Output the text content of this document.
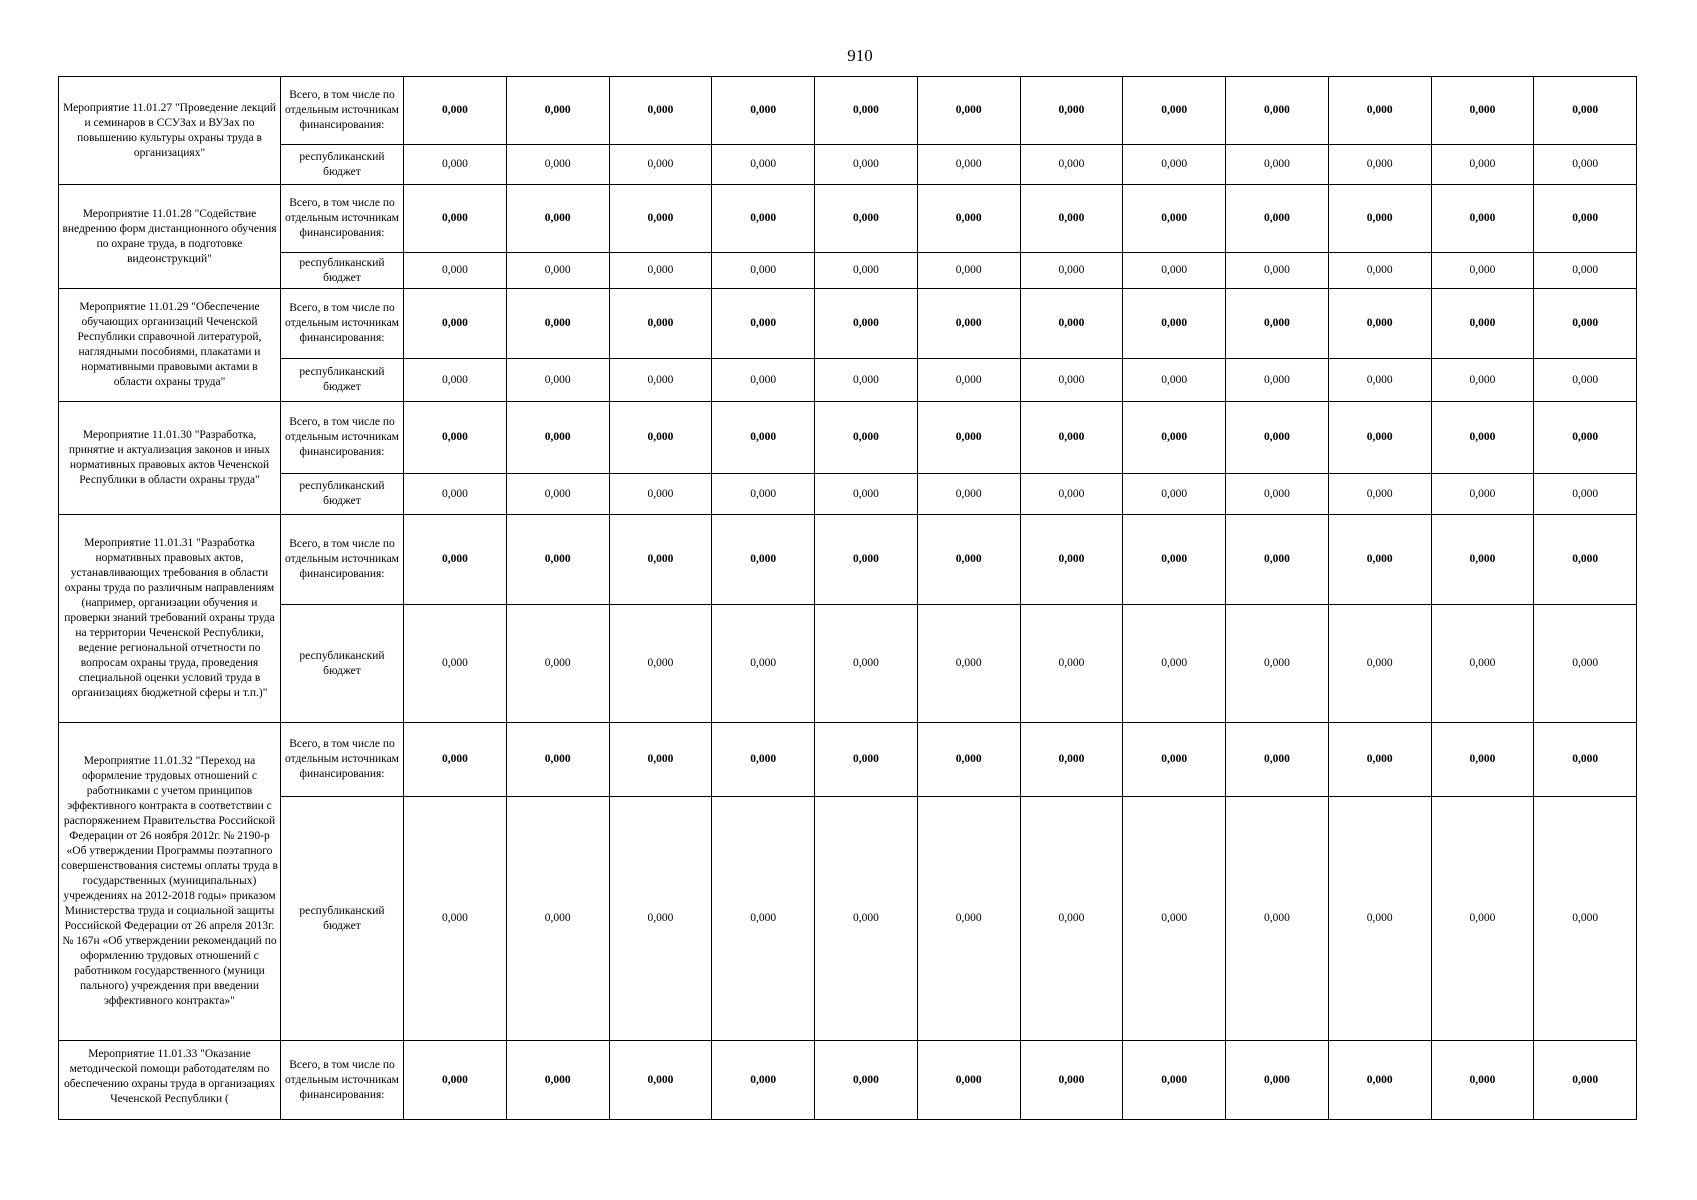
910
Мероприятие 11.01.27 "Проведение лекций и семинаров в ССУЗах и ВУЗах по повышению культуры охраны труда в организациях"	Всего, в том числе по отдельным источникам финансирования:	0,000	0,000	0,000	0,000	0,000	0,000	0,000	0,000	0,000	0,000	0,000	0,000
	республиканский бюджет	0,000	0,000	0,000	0,000	0,000	0,000	0,000	0,000	0,000	0,000	0,000	0,000
Мероприятие 11.01.28 "Содействие внедрению форм дистанционного обучения по охране труда, в подготовке видеонструкций"	Всего, в том числе по отдельным источникам финансирования:	0,000	0,000	0,000	0,000	0,000	0,000	0,000	0,000	0,000	0,000	0,000	0,000
	республиканский бюджет	0,000	0,000	0,000	0,000	0,000	0,000	0,000	0,000	0,000	0,000	0,000	0,000
Мероприятие 11.01.29 "Обеспечение обучающих организаций Чеченской Республики справочной литературой, наглядными пособиями, плакатами и нормативными правовыми актами в области охраны труда"	Всего, в том числе по отдельным источникам финансирования:	0,000	0,000	0,000	0,000	0,000	0,000	0,000	0,000	0,000	0,000	0,000	0,000
	республиканский бюджет	0,000	0,000	0,000	0,000	0,000	0,000	0,000	0,000	0,000	0,000	0,000	0,000
Мероприятие 11.01.30 "Разработка, принятие и актуализация законов и иных нормативных правовых актов Чеченской Республики в области охраны труда"	Всего, в том числе по отдельным источникам финансирования:	0,000	0,000	0,000	0,000	0,000	0,000	0,000	0,000	0,000	0,000	0,000	0,000
	республиканский бюджет	0,000	0,000	0,000	0,000	0,000	0,000	0,000	0,000	0,000	0,000	0,000	0,000
Мероприятие 11.01.31 "Разработка нормативных правовых актов, устанавливающих требования в области охраны труда по различным направлениям (например, организации обучения и проверки знаний требований охраны труда на территории Чеченской Республики, ведение региональной отчетности по вопросам охраны труда, проведения специальной оценки условий труда в организациях бюджетной сферы и т.п.)"	Всего, в том числе по отдельным источникам финансирования:	0,000	0,000	0,000	0,000	0,000	0,000	0,000	0,000	0,000	0,000	0,000	0,000
	республиканский бюджет	0,000	0,000	0,000	0,000	0,000	0,000	0,000	0,000	0,000	0,000	0,000	0,000
Мероприятие 11.01.32 "Переход на оформление трудовых отношений с работниками с учетом принципов эффективного контракта в соответствии с распоряжением Правительства Российской Федерации от 26 ноября 2012г. № 2190-р «Об утверждении Программы поэтапного совершенствования системы оплаты труда в государственных (муниципальных) учреждениях на 2012-2018 годы» приказом Министерства труда и социальной защиты Российской Федерации от 26 апреля 2013г. № 167н «Об утверждении рекомендаций по оформлению трудовых отношений с работником государственного (муници пального) учреждения при введении эффективного контракта»"	Всего, в том числе по отдельным источникам финансирования:	0,000	0,000	0,000	0,000	0,000	0,000	0,000	0,000	0,000	0,000	0,000	0,000
	республиканский бюджет	0,000	0,000	0,000	0,000	0,000	0,000	0,000	0,000	0,000	0,000	0,000	0,000

Мероприятие 11.01.33 "Оказание методической помощи работодателям по обеспечению охраны труда в организациях Чеченской Республики (	Всего, в том числе по отдельным источникам финансирования:	0,000	0,000	0,000	0,000	0,000	0,000	0,000	0,000	0,000	0,000	0,000	0,000
